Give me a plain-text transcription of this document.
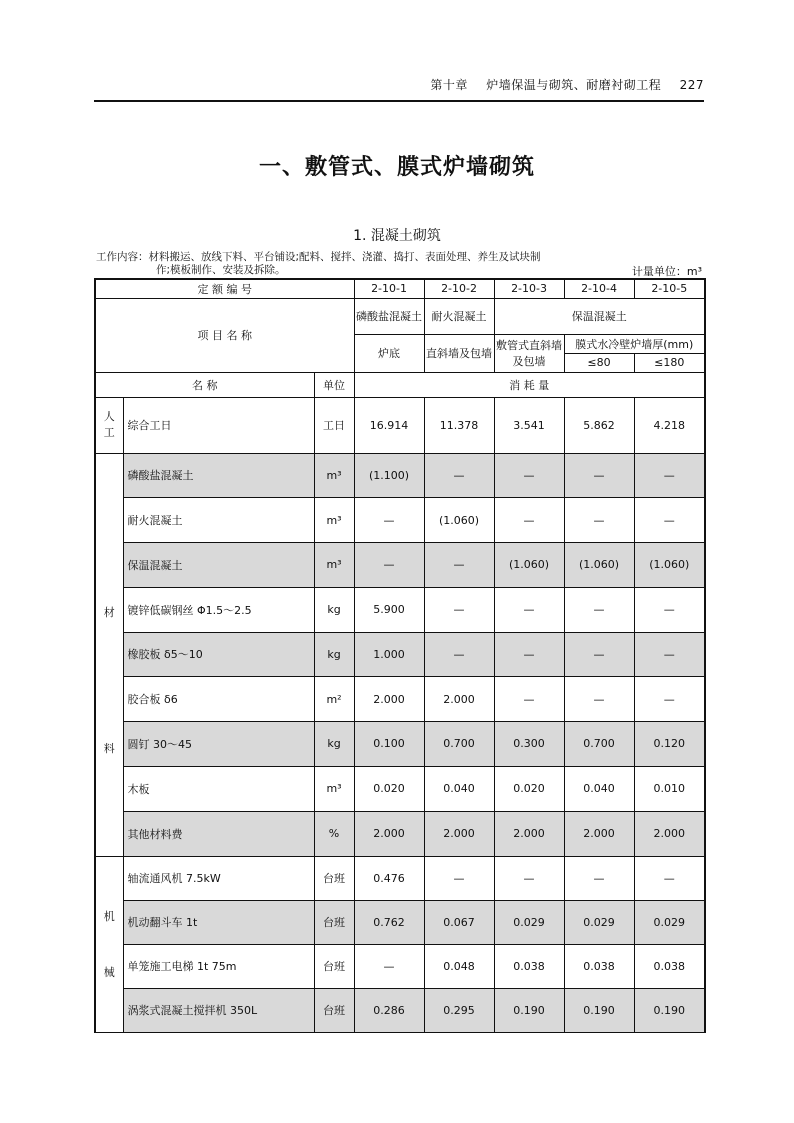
第十章 炉墙保温与砌筑、耐磨衬砌工程 227
一、敷管式、膜式炉墙砌筑
1. 混凝土砌筑
工作内容：材料搬运、放线下料、平台铺设;配料、搅拌、浇灌、捣打、表面处理、养生及试块制
作;模板制作、安装及拆除。	计量单位：m³
定 额 编 号			2-10-1	2-10-2	2-10-3	2-10-4	2-10-5
项 目 名 称			磷酸盐混凝土	耐火混凝土	保温混凝土		
			炉底	直斜墙及包墙	敷管式直斜墙及包墙	膜式水冷壁炉墙厚(mm)	
						≤80	≤180
名 称		单位	消 耗 量				
人
工	综合工日	工日	16.914	11.378	3.541	5.862	4.218

材
料	磷酸盐混凝土	m³	(1.100)	—	—	—	—
	耐火混凝土	m³	—	(1.060)	—	—	—
	保温混凝土	m³	—	—	(1.060)	(1.060)	(1.060)
	镀锌低碳钢丝 Φ1.5～2.5	kg	5.900	—	—	—	—
	橡胶板 δ5～10	kg	1.000	—	—	—	—
	胶合板 δ6	m²	2.000	2.000	—	—	—
	圆钉 30～45	kg	0.100	0.700	0.300	0.700	0.120
	木板	m³	0.020	0.040	0.020	0.040	0.010
	其他材料费	%	2.000	2.000	2.000	2.000	2.000

机
械	轴流通风机 7.5kW	台班	0.476	—	—	—	—
	机动翻斗车 1t	台班	0.762	0.067	0.029	0.029	0.029
	单笼施工电梯 1t 75m	台班	—	0.048	0.038	0.038	0.038
	涡浆式混凝土搅拌机 350L	台班	0.286	0.295	0.190	0.190	0.190
